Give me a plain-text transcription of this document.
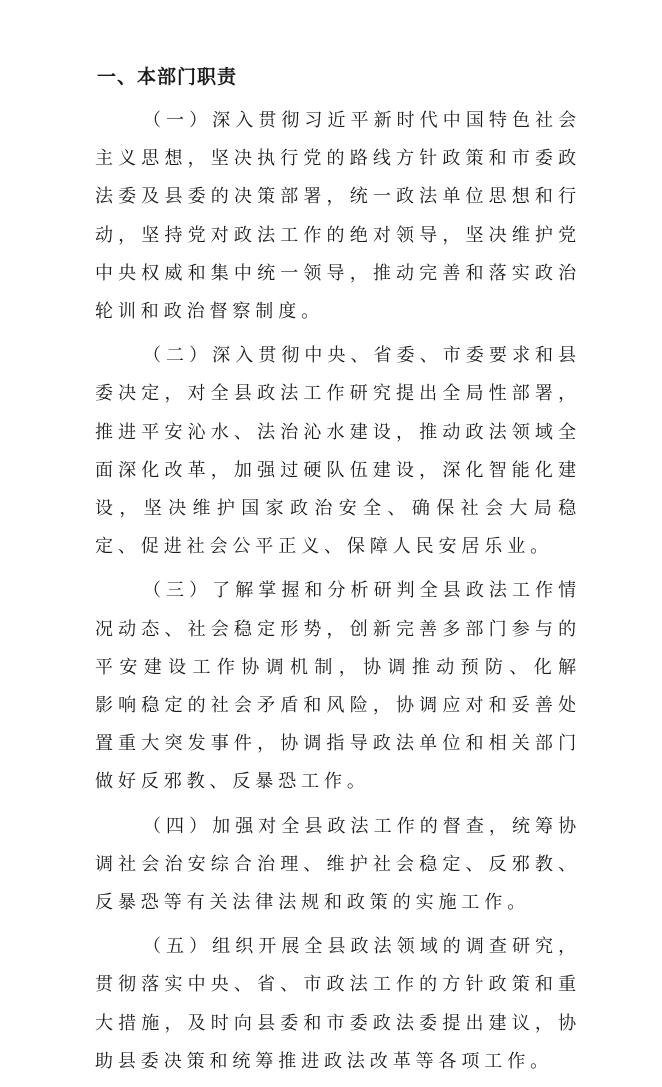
一、本部门职责

（一）深入贯彻习近平新时代中国特色社会主义思想，坚决执行党的路线方针政策和市委政法委及县委的决策部署，统一政法单位思想和行动，坚持党对政法工作的绝对领导，坚决维护党中央权威和集中统一领导，推动完善和落实政治轮训和政治督察制度。

（二）深入贯彻中央、省委、市委要求和县委决定，对全县政法工作研究提出全局性部署，推进平安沁水、法治沁水建设，推动政法领域全面深化改革，加强过硬队伍建设，深化智能化建设，坚决维护国家政治安全、确保社会大局稳定、促进社会公平正义、保障人民安居乐业。

（三）了解掌握和分析研判全县政法工作情况动态、社会稳定形势，创新完善多部门参与的平安建设工作协调机制，协调推动预防、化解 影响稳定的社会矛盾和风险，协调应对和妥善处置重大突发事件，协调指导政法单位和相关部门做好反邪教、反暴恐工作。

（四）加强对全县政法工作的督查，统筹协调社会治安综合治理、维护社会稳定、反邪教、反暴恐等有关法律法规和政策的实施工作。

（五）组织开展全县政法领域的调查研究，贯彻落实中央、省、市政法工作的方针政策和重大措施，及时向县委和市委政法委提出建议，协助县委决策和统筹推进政法改革等各项工作。
